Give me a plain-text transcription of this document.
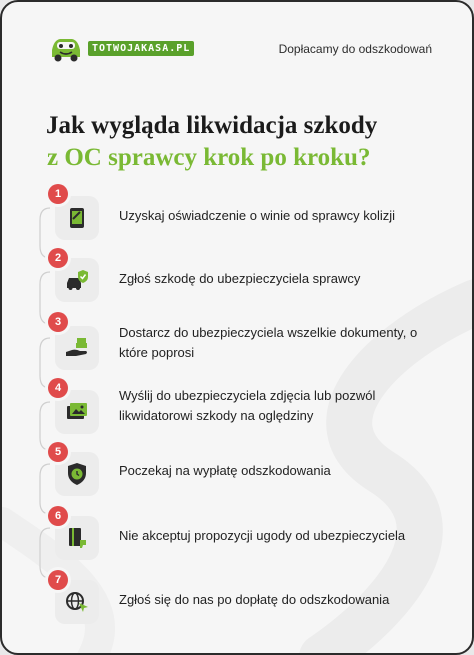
TOTWOJAKASA.PL	Dopłacamy do odszkodowań
Jak wygląda likwidacja szkody
z OC sprawcy krok po kroku?
1
Uzyskaj oświadczenie o winie od sprawcy kolizji
2
Zgłoś szkodę do ubezpieczyciela sprawcy
3
Dostarcz do ubezpieczyciela wszelkie dokumenty, o które poprosi
4	Wyślij do ubezpieczyciela zdjęcia lub pozwól likwidatorowi szkody na oględziny
5
Poczekaj na wypłatę odszkodowania
6
Nie akceptuj propozycji ugody od ubezpieczyciela
7
Zgłoś się do nas po dopłatę do odszkodowania
